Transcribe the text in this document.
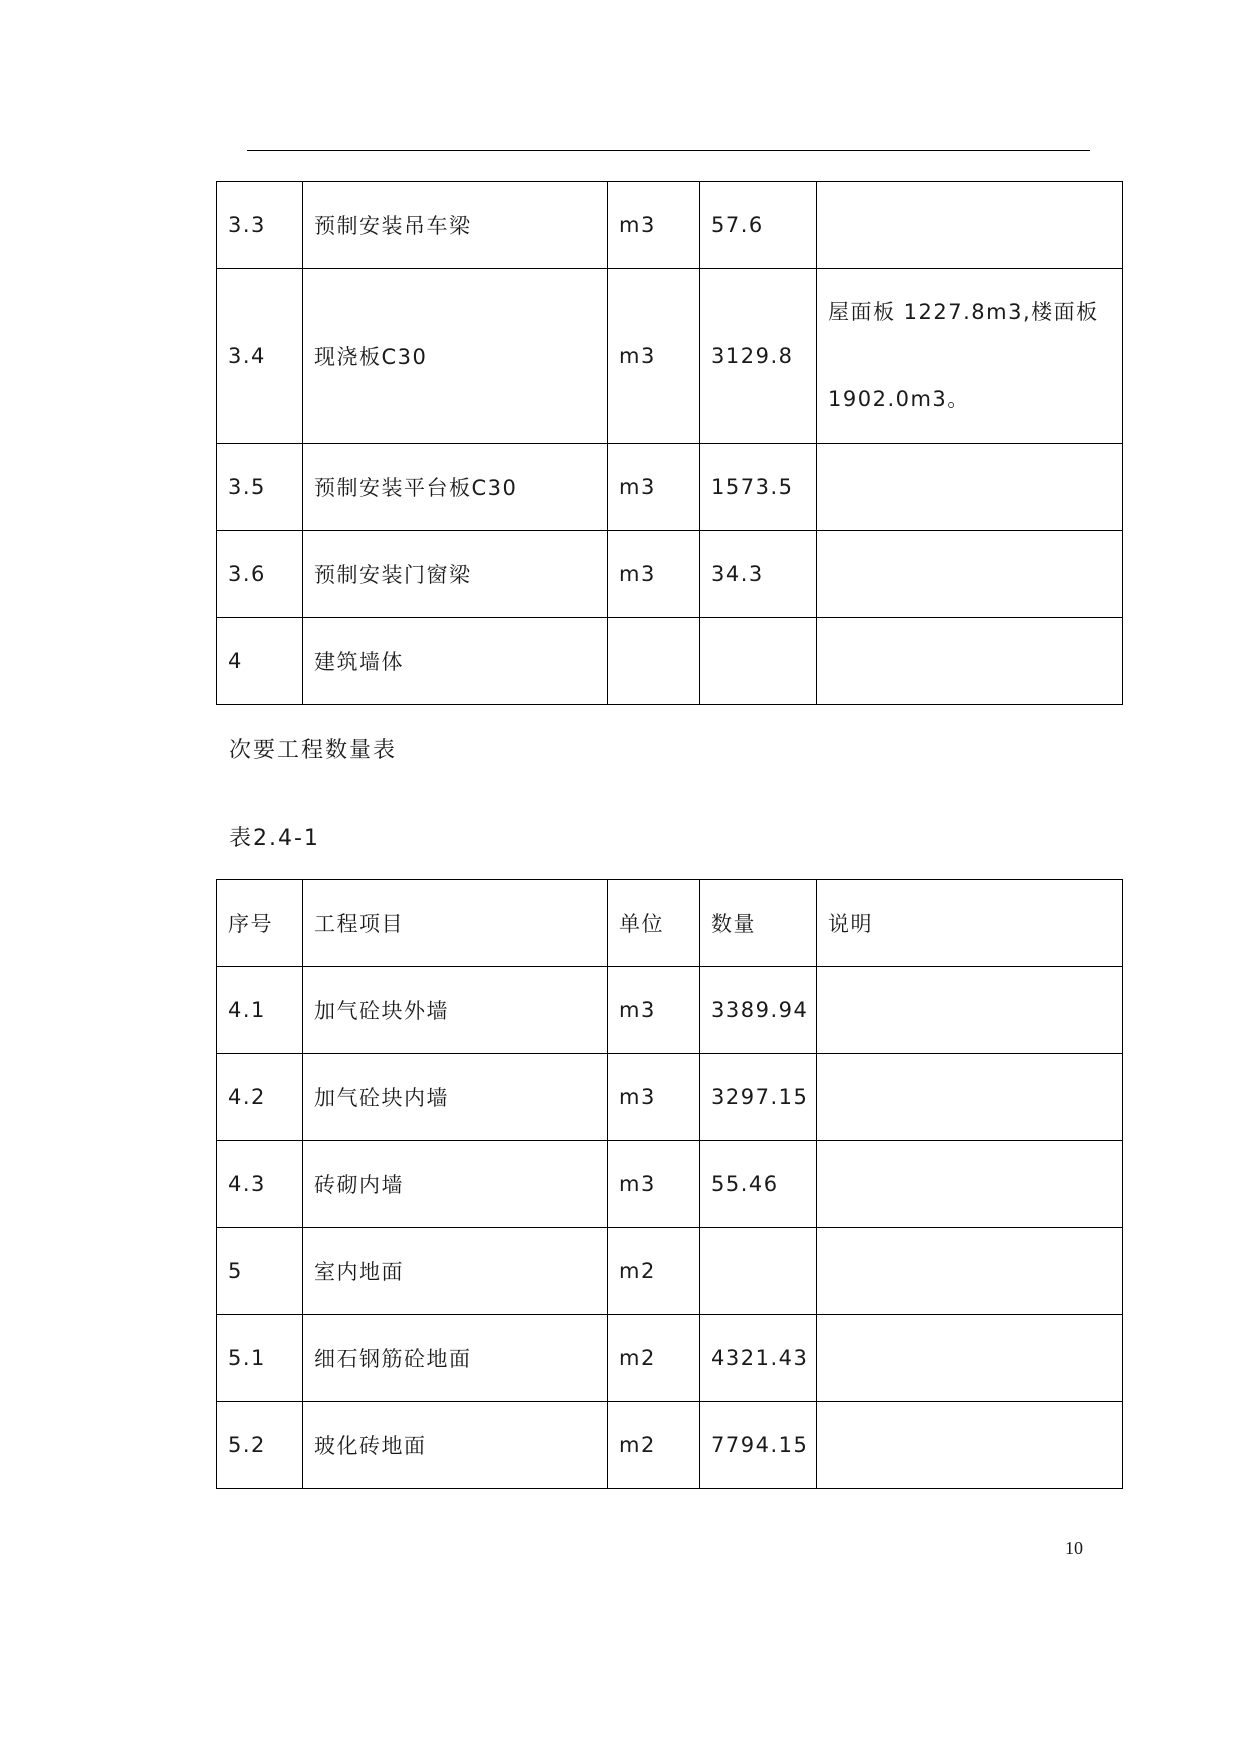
3.3	预制安装吊车梁	m3	57.6	
3.4	现浇板C30	m3	3129.8	屋面板 1227.8m3,楼面板
1902.0m3。

3.5	预制安装平台板C30	m3	1573.5	
3.6	预制安装门窗梁	m3	34.3	
4	建筑墙体			
次要工程数量表
表2.4-1
序号	工程项目	单位	数量	说明
4.1	加气砼块外墙	m3	3389.94	
4.2	加气砼块内墙	m3	3297.15	
4.3	砖砌内墙	m3	55.46	
5	室内地面	m2		
5.1	细石钢筋砼地面	m2	4321.43	
5.2	玻化砖地面	m2	7794.15	
10
